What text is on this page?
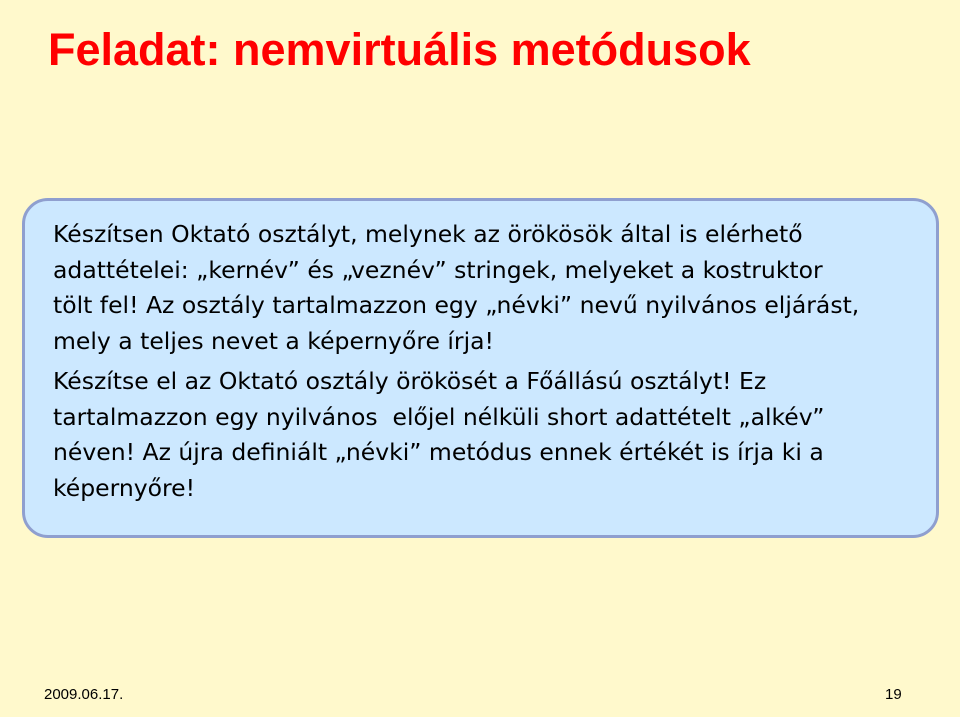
Feladat: nemvirtuális metódusok

Készítsen Oktató osztályt, melynek az örökösök által is elérhető
adattételei: „kernév” és „veznév” stringek, melyeket a kostruktor
tölt fel! Az osztály tartalmazzon egy „névki” nevű nyilvános eljárást,
mely a teljes nevet a képernyőre írja!

Készítse el az Oktató osztály örökösét a Főállású osztályt! Ez
tartalmazzon egy nyilvános  előjel nélküli short adattételt „alkév”
néven! Az újra definiált „névki” metódus ennek értékét is írja ki a
képernyőre!

2009.06.17.	19
